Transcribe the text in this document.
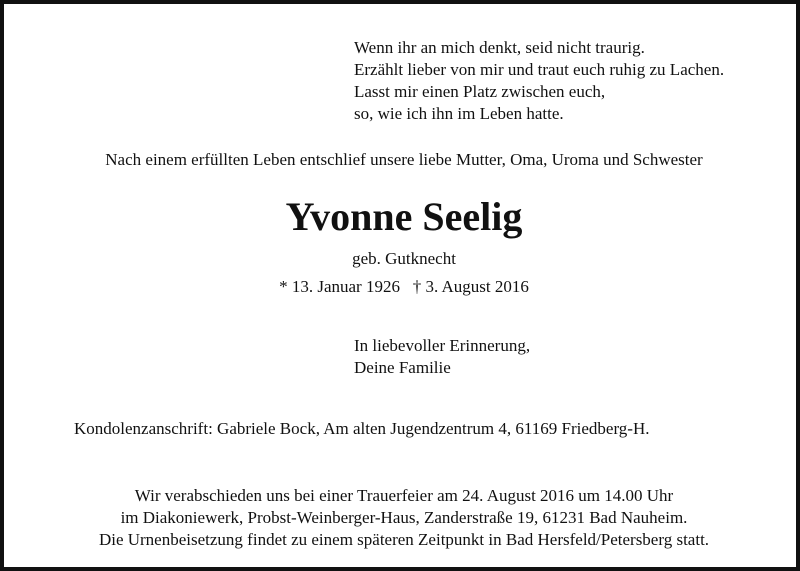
Wenn ihr an mich denkt, seid nicht traurig.
Erzählt lieber von mir und traut euch ruhig zu Lachen.
Lasst mir einen Platz zwischen euch,
so, wie ich ihn im Leben hatte.
Nach einem erfüllten Leben entschlief unsere liebe Mutter, Oma, Uroma und Schwester
Yvonne Seelig
geb. Gutknecht
* 13. Januar 1926   † 3. August 2016
In liebevoller Erinnerung,
Deine Familie
Kondolenzanschrift: Gabriele Bock, Am alten Jugendzentrum 4, 61169 Friedberg-H.
Wir verabschieden uns bei einer Trauerfeier am 24. August 2016 um 14.00 Uhr
im Diakoniewerk, Probst-Weinberger-Haus, Zanderstraße 19, 61231 Bad Nauheim.
Die Urnenbeisetzung findet zu einem späteren Zeitpunkt in Bad Hersfeld/Petersberg statt.
